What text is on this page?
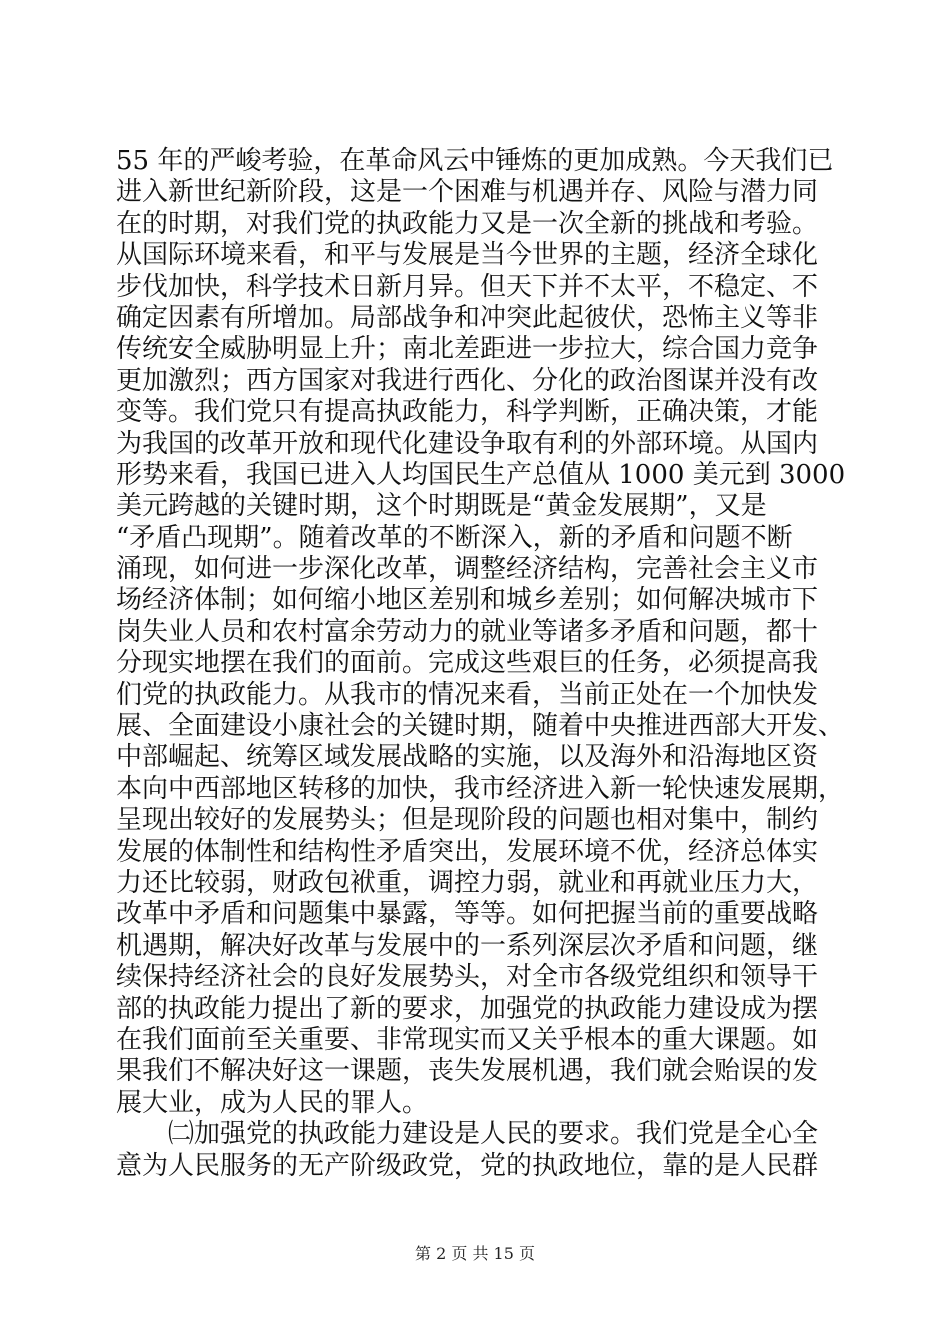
55 年的严峻考验，在革命风云中锤炼的更加成熟。今天我们已
进入新世纪新阶段，这是一个困难与机遇并存、风险与潜力同
在的时期，对我们党的执政能力又是一次全新的挑战和考验。
从国际环境来看，和平与发展是当今世界的主题，经济全球化
步伐加快，科学技术日新月异。但天下并不太平，不稳定、不
确定因素有所增加。局部战争和冲突此起彼伏，恐怖主义等非
传统安全威胁明显上升；南北差距进一步拉大，综合国力竞争
更加激烈；西方国家对我进行西化、分化的政治图谋并没有改
变等。我们党只有提高执政能力，科学判断，正确决策，才能
为我国的改革开放和现代化建设争取有利的外部环境。从国内
形势来看，我国已进入人均国民生产总值从 1000 美元到 3000
美元跨越的关键时期，这个时期既是“黄金发展期”，又是
“矛盾凸现期”。随着改革的不断深入，新的矛盾和问题不断
涌现，如何进一步深化改革，调整经济结构，完善社会主义市
场经济体制；如何缩小地区差别和城乡差别；如何解决城市下
岗失业人员和农村富余劳动力的就业等诸多矛盾和问题，都十
分现实地摆在我们的面前。完成这些艰巨的任务，必须提高我
们党的执政能力。从我市的情况来看，当前正处在一个加快发
展、全面建设小康社会的关键时期，随着中央推进西部大开发、
中部崛起、统筹区域发展战略的实施，以及海外和沿海地区资
本向中西部地区转移的加快，我市经济进入新一轮快速发展期，
呈现出较好的发展势头；但是现阶段的问题也相对集中，制约
发展的体制性和结构性矛盾突出，发展环境不优，经济总体实
力还比较弱，财政包袱重，调控力弱，就业和再就业压力大，
改革中矛盾和问题集中暴露，等等。如何把握当前的重要战略
机遇期，解决好改革与发展中的一系列深层次矛盾和问题，继
续保持经济社会的良好发展势头，对全市各级党组织和领导干
部的执政能力提出了新的要求，加强党的执政能力建设成为摆
在我们面前至关重要、非常现实而又关乎根本的重大课题。如
果我们不解决好这一课题，丧失发展机遇，我们就会贻误的发
展大业，成为人民的罪人。
㈡加强党的执政能力建设是人民的要求。我们党是全心全
意为人民服务的无产阶级政党，党的执政地位，靠的是人民群
第 2 页 共 15 页
